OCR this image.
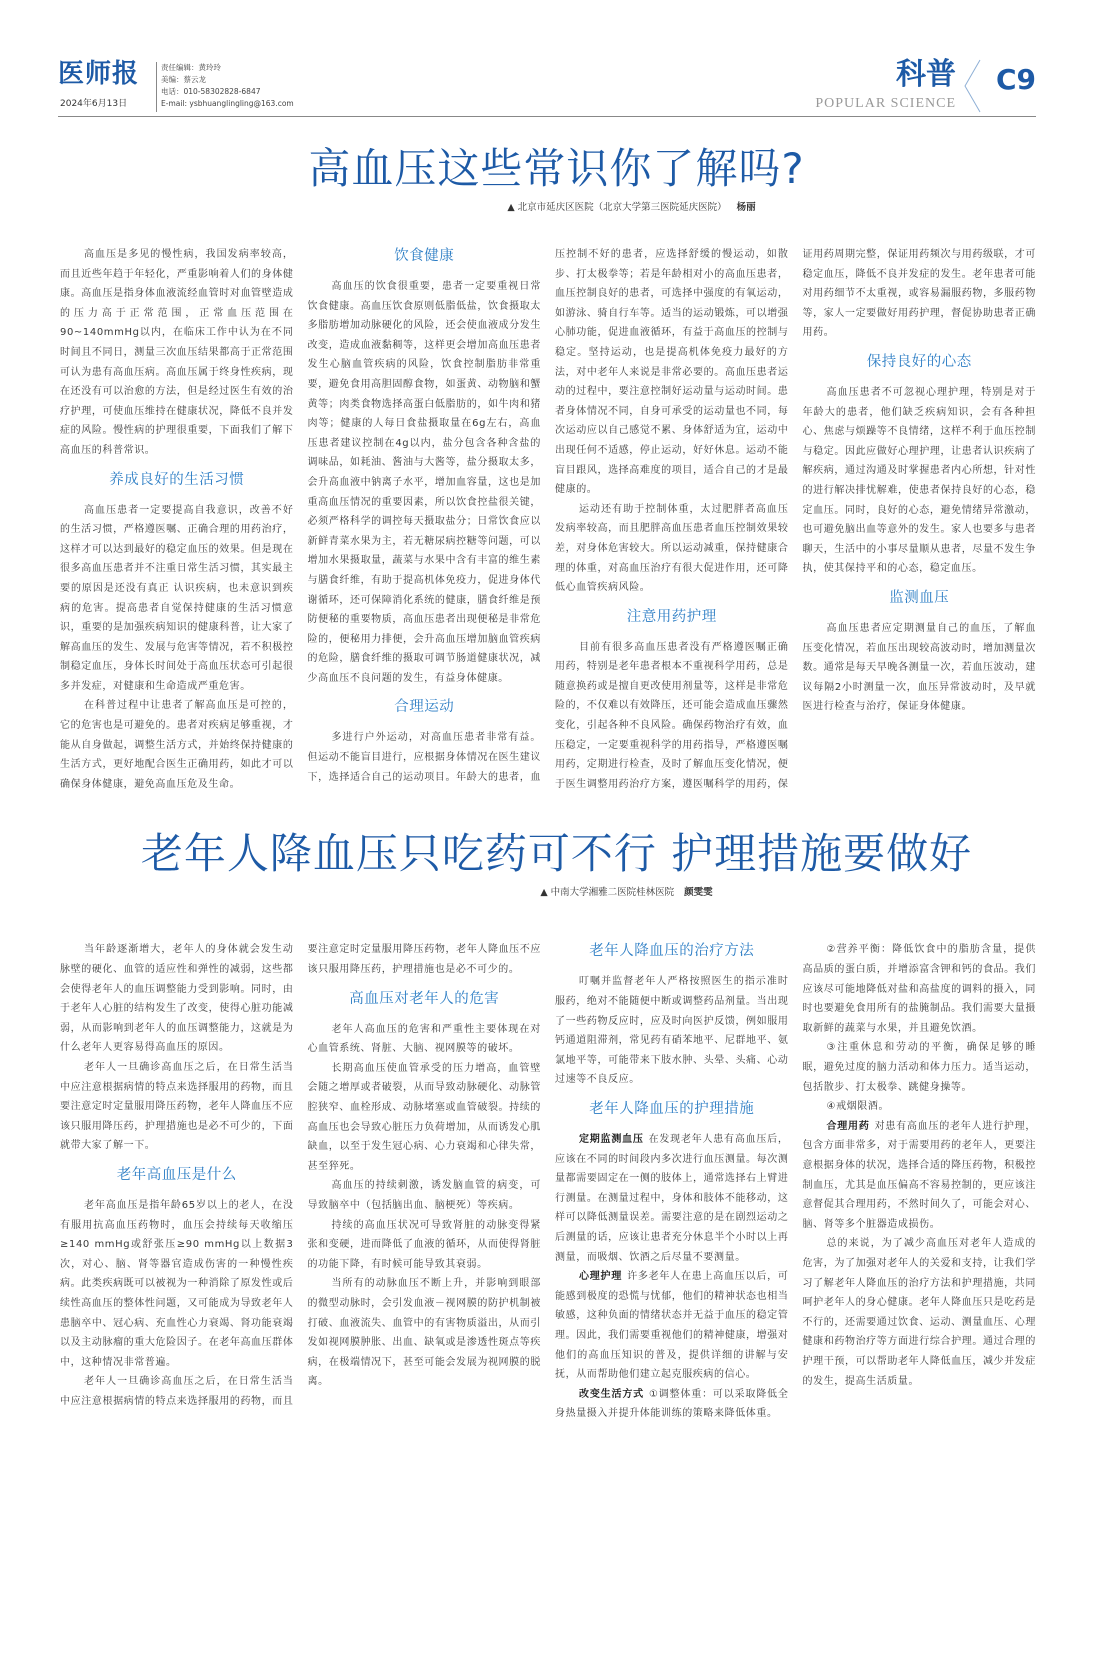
医师报
2024年6月13日
责任编辑：黄玲玲
美编：蔡云龙
电话：010-58302828-6847
E-mail: ysbhuanglingling@163.com
科普
POPULAR SCIENCE
C9
高血压这些常识你了解吗?
▲ 北京市延庆区医院（北京大学第三医院延庆医院） 杨丽

高血压是多见的慢性病，我国发病率较高，而且近些年趋于年轻化，严重影响着人们的身体健康。高血压是指身体血液流经血管时对血管壁造成的压力高于正常范围，正常血压范围在90~140mmHg以内，在临床工作中认为在不同时间且不同日，测量三次血压结果都高于正常范围可认为患有高血压病。高血压属于终身性疾病，现在还没有可以治愈的方法，但是经过医生有效的治疗护理，可使血压维持在健康状况，降低不良并发症的风险。慢性病的护理很重要，下面我们了解下高血压的科普常识。

养成良好的生活习惯

高血压患者一定要提高自我意识，改善不好的生活习惯，严格遵医嘱、正确合理的用药治疗，这样才可以达到最好的稳定血压的效果。但是现在很多高血压患者并不注重日常生活习惯，其实最主要的原因是还没有真正 认识疾病，也未意识到疾病的危害。提高患者自觉保持健康的生活习惯意识，重要的是加强疾病知识的健康科普，让大家了解高血压的发生、发展与危害等情况，若不积极控制稳定血压，身体长时间处于高血压状态可引起很多并发症，对健康和生命造成严重危害。

在科普过程中让患者了解高血压是可控的，它的危害也是可避免的。患者对疾病足够重视，才能从自身做起，调整生活方式，并始终保持健康的生活方式，更好地配合医生正确用药，如此才可以确保身体健康，避免高血压危及生命。

饮食健康

高血压的饮食很重要，患者一定要重视日常饮食健康。高血压饮食原则低脂低盐，饮食摄取太多脂肪增加动脉硬化的风险，还会使血液成分发生改变，造成血液黏稠等，这样更会增加高血压患者发生心脑血管疾病的风险，饮食控制脂肪非常重要，避免食用高胆固醇食物，如蛋黄、动物脑和蟹黄等；肉类食物选择高蛋白低脂肪的，如牛肉和猪肉等；健康的人每日食盐摄取量在6g左右，高血压患者建议控制在4g以内，盐分包含各种含盐的调味品，如耗油、酱油与大酱等，盐分摄取太多，会升高血液中钠离子水平，增加血容量，这也是加重高血压情况的重要因素，所以饮食控盐很关键，必须严格科学的调控每天摄取盐分；日常饮食应以新鲜青菜水果为主，若无糖尿病控糖等问题，可以增加水果摄取量，蔬菜与水果中含有丰富的维生素与膳食纤维，有助于提高机体免疫力，促进身体代谢循环，还可保障消化系统的健康，膳食纤维是预防便秘的重要物质，高血压患者出现便秘是非常危险的，便秘用力排便，会升高血压增加脑血管疾病的危险，膳食纤维的摄取可调节肠道健康状况，减少高血压不良问题的发生，有益身体健康。

合理运动

多进行户外运动，对高血压患者非常有益。但运动不能盲目进行，应根据身体情况在医生建议下，选择适合自己的运动项目。年龄大的患者，血压控制不好的患者，应选择舒缓的慢运动，如散步、打太极拳等；若是年龄相对小的高血压患者，血压控制良好的患者，可选择中强度的有氧运动，如游泳、骑自行车等。适当的运动锻炼，可以增强心肺功能，促进血液循环，有益于高血压的控制与稳定。坚持运动，也是提高机体免疫力最好的方法，对中老年人来说是非常必要的。高血压患者运动的过程中，要注意控制好运动量与运动时间。患者身体情况不同，自身可承受的运动量也不同，每次运动应以自己感觉不累、身体舒适为宜，运动中出现任何不适感，停止运动，好好休息。运动不能盲目跟风，选择高难度的项目，适合自己的才是最健康的。

运动还有助于控制体重，太过肥胖者高血压发病率较高，而且肥胖高血压患者血压控制效果较差，对身体危害较大。所以运动减重，保持健康合理的体重，对高血压治疗有很大促进作用，还可降低心血管疾病风险。

注意用药护理

目前有很多高血压患者没有严格遵医嘱正确用药，特别是老年患者根本不重视科学用药，总是随意换药或是擅自更改使用剂量等，这样是非常危险的，不仅难以有效降压，还可能会造成血压骤然变化，引起各种不良风险。确保药物治疗有效，血压稳定，一定要重视科学的用药指导，严格遵医嘱用药，定期进行检查，及时了解血压变化情况，便于医生调整用药治疗方案，遵医嘱科学的用药，保证用药周期完整，保证用药频次与用药级联，才可稳定血压，降低不良并发症的发生。老年患者可能对用药细节不太重视，或容易漏服药物，多服药物等，家人一定要做好用药护理，督促协助患者正确用药。

保持良好的心态

高血压患者不可忽视心理护理，特别是对于年龄大的患者，他们缺乏疾病知识，会有各种担心、焦虑与烦躁等不良情绪，这样不利于血压控制与稳定。因此应做好心理护理，让患者认识疾病了解疾病，通过沟通及时掌握患者内心所想，针对性的进行解决排忧解难，使患者保持良好的心态，稳定血压。同时，良好的心态，避免情绪异常激动，也可避免脑出血等意外的发生。家人也要多与患者聊天，生活中的小事尽量顺从患者，尽量不发生争执，使其保持平和的心态，稳定血压。

监测血压

高血压患者应定期测量自己的血压，了解血压变化情况，若血压出现较高波动时，增加测量次数。通常是每天早晚各测量一次，若血压波动，建议每隔2小时测量一次，血压异常波动时，及早就医进行检查与治疗，保证身体健康。

老年人降血压只吃药可不行 护理措施要做好
▲ 中南大学湘雅二医院桂林医院 颜雯雯

当年龄逐渐增大，老年人的身体就会发生动脉壁的硬化、血管的适应性和弹性的减弱，这些都会使得老年人的血压调整能力受到影响。同时，由于老年人心脏的结构发生了改变，使得心脏功能减弱，从而影响到老年人的血压调整能力，这就是为什么老年人更容易得高血压的原因。

老年人一旦确诊高血压之后，在日常生活当中应注意根据病情的特点来选择服用的药物，而且要注意定时定量服用降压药物，老年人降血压不应该只服用降压药，护理措施也是必不可少的，下面就带大家了解一下。

老年高血压是什么

老年高血压是指年龄65岁以上的老人，在没有服用抗高血压药物时，血压会持续每天收缩压≥140 mmHg或舒张压≥90 mmHg以上数据3次，对心、脑、肾等器官造成伤害的一种慢性疾病。此类疾病既可以被视为一种消除了原发性或后续性高血压的整体性问题，又可能成为导致老年人患脑卒中、冠心病、充血性心力衰竭、肾功能衰竭以及主动脉瘤的重大危险因子。在老年高血压群体中，这种情况非常普遍。

老年人一旦确诊高血压之后，在日常生活当中应注意根据病情的特点来选择服用的药物，而且要注意定时定量服用降压药物，老年人降血压不应该只服用降压药，护理措施也是必不可少的。

高血压对老年人的危害

老年人高血压的危害和严重性主要体现在对心血管系统、肾脏、大脑、视网膜等的破坏。

长期高血压使血管承受的压力增高，血管壁会随之增厚或者破裂，从而导致动脉硬化、动脉管腔狭窄、血栓形成、动脉堵塞或血管破裂。持续的高血压也会导致心脏压力负荷增加，从而诱发心肌缺血，以至于发生冠心病、心力衰竭和心律失常，甚至猝死。

高血压的持续刺激，诱发脑血管的病变，可导致脑卒中（包括脑出血、脑梗死）等疾病。

持续的高血压状况可导致肾脏的动脉变得紧张和变硬，进而降低了血液的循环，从而使得肾脏的功能下降，有时候可能导致其衰弱。

当所有的动脉血压不断上升，并影响到眼部的微型动脉时，会引发血液－视网膜的防护机制被打破、血液流失、血管中的有害物质溢出，从而引发如视网膜肿胀、出血、缺氧或是渗透性斑点等疾病，在极端情况下，甚至可能会发展为视网膜的脱离。

老年人降血压的治疗方法

叮嘱并监督老年人严格按照医生的指示准时服药，绝对不能随便中断或调整药品剂量。当出现了一些药物反应时，应及时向医护反馈，例如服用钙通道阻滞剂，常见药有硝苯地平、尼群地平、氨氯地平等，可能带来下肢水肿、头晕、头痛、心动过速等不良反应。

老年人降血压的护理措施

定期监测血压 在发现老年人患有高血压后，应该在不同的时间段内多次进行血压测量。每次测量都需要固定在一侧的肢体上，通常选择右上臂进行测量。在测量过程中，身体和肢体不能移动，这样可以降低测量误差。需要注意的是在剧烈运动之后测量的话，应该让患者充分休息半个小时以上再测量，而吸烟、饮酒之后尽量不要测量。

心理护理 许多老年人在患上高血压以后，可能感到极度的恐慌与忧郁，他们的精神状态也相当敏感，这种负面的情绪状态并无益于血压的稳定管理。因此，我们需要重视他们的精神健康，增强对他们的高血压知识的普及，提供详细的讲解与安抚，从而帮助他们建立起克服疾病的信心。

改变生活方式 ①调整体重：可以采取降低全身热量摄入并提升体能训练的策略来降低体重。

②营养平衡：降低饮食中的脂肪含量，提供高品质的蛋白质，并增添富含钾和钙的食品。我们应该尽可能地降低对盐和高盐度的调料的摄入，同时也要避免食用所有的盐腌制品。我们需要大量摄取新鲜的蔬菜与水果，并且避免饮酒。

③注重休息和劳动的平衡，确保足够的睡眠，避免过度的脑力活动和体力压力。适当运动，包括散步、打太极拳、跳健身操等。

④戒烟限酒。

合理用药 对患有高血压的老年人进行护理，包含方面非常多，对于需要用药的老年人，更要注意根据身体的状况，选择合适的降压药物，积极控制血压，尤其是血压偏高不容易控制的，更应该注意督促其合理用药，不然时间久了，可能会对心、脑、肾等多个脏器造成损伤。

总的来说，为了减少高血压对老年人造成的危害，为了加强对老年人的关爱和支持，让我们学习了解老年人降血压的治疗方法和护理措施，共同呵护老年人的身心健康。老年人降血压只是吃药是不行的，还需要通过饮食、运动、测量血压、心理健康和药物治疗等方面进行综合护理。通过合理的护理干预，可以帮助老年人降低血压，减少并发症的发生，提高生活质量。
